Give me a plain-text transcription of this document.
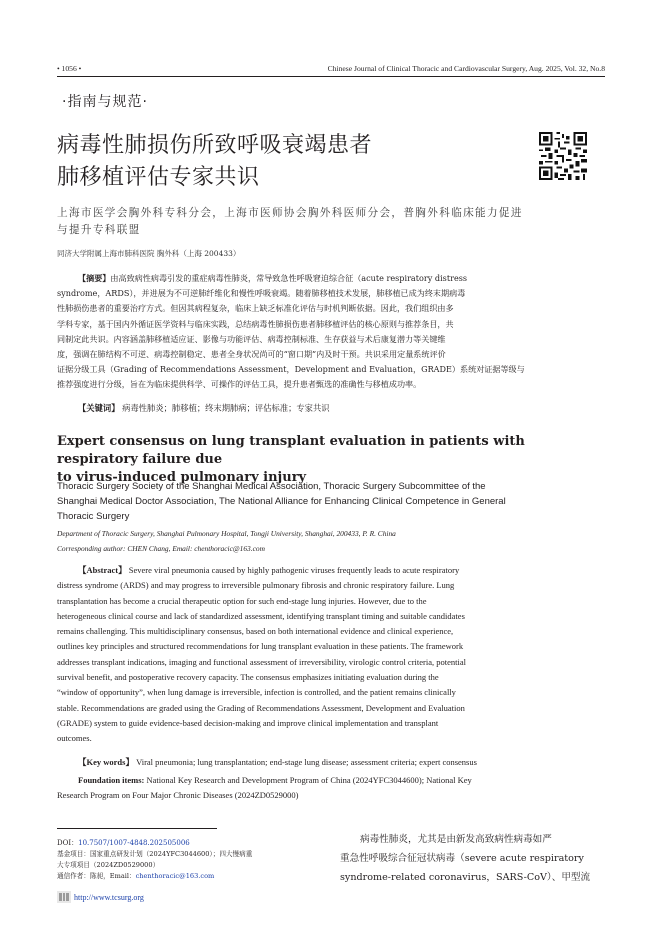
• 1056 •	Chinese Journal of Clinical Thoracic and Cardiovascular Surgery, Aug. 2025, Vol. 32, No.8
·指南与规范·
病毒性肺损伤所致呼吸衰竭患者
肺移植评估专家共识
上海市医学会胸外科专科分会，上海市医师协会胸外科医师分会，普胸外科临床能力促进
与提升专科联盟
同济大学附属上海市肺科医院 胸外科（上海 200433）
【摘要】由高致病性病毒引发的重症病毒性肺炎，常导致急性呼吸窘迫综合征（acute respiratory distress
syndrome，ARDS），并进展为不可逆肺纤维化和慢性呼吸衰竭。随着肺移植技术发展，肺移植已成为终末期病毒
性肺损伤患者的重要治疗方式。但因其病程复杂，临床上缺乏标准化评估与时机判断依据。因此，我们组织由多
学科专家，基于国内外循证医学资料与临床实践，总结病毒性肺损伤患者肺移植评估的核心原则与推荐条目，共
同制定此共识。内容涵盖肺移植适应证、影像与功能评估、病毒控制标准、生存获益与术后康复潜力等关键维
度，强调在肺结构不可逆、病毒控制稳定、患者全身状况尚可的“窗口期”内及时干预。共识采用定量系统评价
证据分级工具（Grading of Recommendations Assessment，Development and Evaluation，GRADE）系统对证据等级与
推荐强度进行分级，旨在为临床提供科学、可操作的评估工具，提升患者甄选的准确性与移植成功率。
【关键词】 病毒性肺炎；肺移植；终末期肺病；评估标准；专家共识
Expert consensus on lung transplant evaluation in patients with respiratory failure due
to virus-induced pulmonary injury
Thoracic Surgery Society of the Shanghai Medical Association, Thoracic Surgery Subcommittee of the
Shanghai Medical Doctor Association, The National Alliance for Enhancing Clinical Competence in General
Thoracic Surgery
Department of Thoracic Surgery, Shanghai Pulmonary Hospital, Tongji University, Shanghai, 200433, P. R. China
Corresponding author: CHEN Chang, Email: chenthoracic@163.com
【Abstract】 Severe viral pneumonia caused by highly pathogenic viruses frequently leads to acute respiratory
distress syndrome (ARDS) and may progress to irreversible pulmonary fibrosis and chronic respiratory failure. Lung
transplantation has become a crucial therapeutic option for such end-stage lung injuries. However, due to the
heterogeneous clinical course and lack of standardized assessment, identifying transplant timing and suitable candidates
remains challenging. This multidisciplinary consensus, based on both international evidence and clinical experience,
outlines key principles and structured recommendations for lung transplant evaluation in these patients. The framework
addresses transplant indications, imaging and functional assessment of irreversibility, virologic control criteria, potential
survival benefit, and postoperative recovery capacity. The consensus emphasizes initiating evaluation during the
“window of opportunity”, when lung damage is irreversible, infection is controlled, and the patient remains clinically
stable. Recommendations are graded using the Grading of Recommendations Assessment, Development and Evaluation
(GRADE) system to guide evidence-based decision-making and improve clinical implementation and transplant
outcomes.
【Key words】 Viral pneumonia; lung transplantation; end-stage lung disease; assessment criteria; expert consensus
Foundation items: National Key Research and Development Program of China (2024YFC3044600); National Key
Research Program on Four Major Chronic Diseases (2024ZD0529000)
DOI：10.7507/1007-4848.202505006
基金项目：国家重点研发计划（2024YFC3044600）；四大慢病重
大专项项目（2024ZD0529000）
通信作者：陈昶，Email：chenthoracic@163.com
病毒性肺炎，尤其是由新发高致病性病毒如严
重急性呼吸综合征冠状病毒（severe acute respiratory
syndrome-related coronavirus，SARS-CoV）、甲型流
http://www.tcsurg.org
